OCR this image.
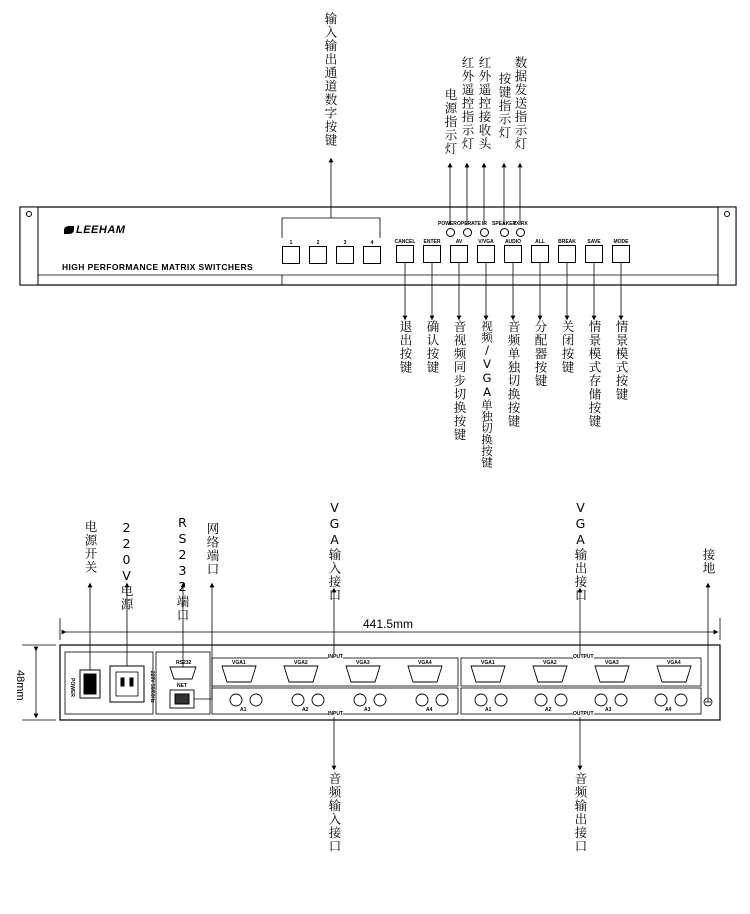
LEEHAM
HIGH PERFORMANCE MATRIX SWITCHERS
1	2	3	4	CANCEL	ENTER	AV	V/VGA	AUDIO	ALL	BREAK	SAVE	MODE
POWER OPERATE IR SPEAKER
TX/RX
输入输出通道数字按键	电源指示灯 红外遥控指示灯 红外遥控接收头 按键指示灯 数据发送指示灯
退出按键 确认按键 音视频同步切换按键 视频/VGA单独切换按键 音频单独切换按键 分配器按键 关闭按键 情景模式存储按键 情景模式按键
441.5mm
48mm
电源开关 220V电源	RS232端口 网络端口	VGA输入接口	VGA输出接口	接地
音频输入接口	音频输出接口
INPUT	OUTPUT
INPUT	OUTPUT
RS232
NET
POWER	~220V 50/60Hz
VGA1	VGA2	VGA3	VGA4	VGA1	VGA2	VGA3	VGA4
A1	A2	A3	A4	A1	A2	A3	A4
